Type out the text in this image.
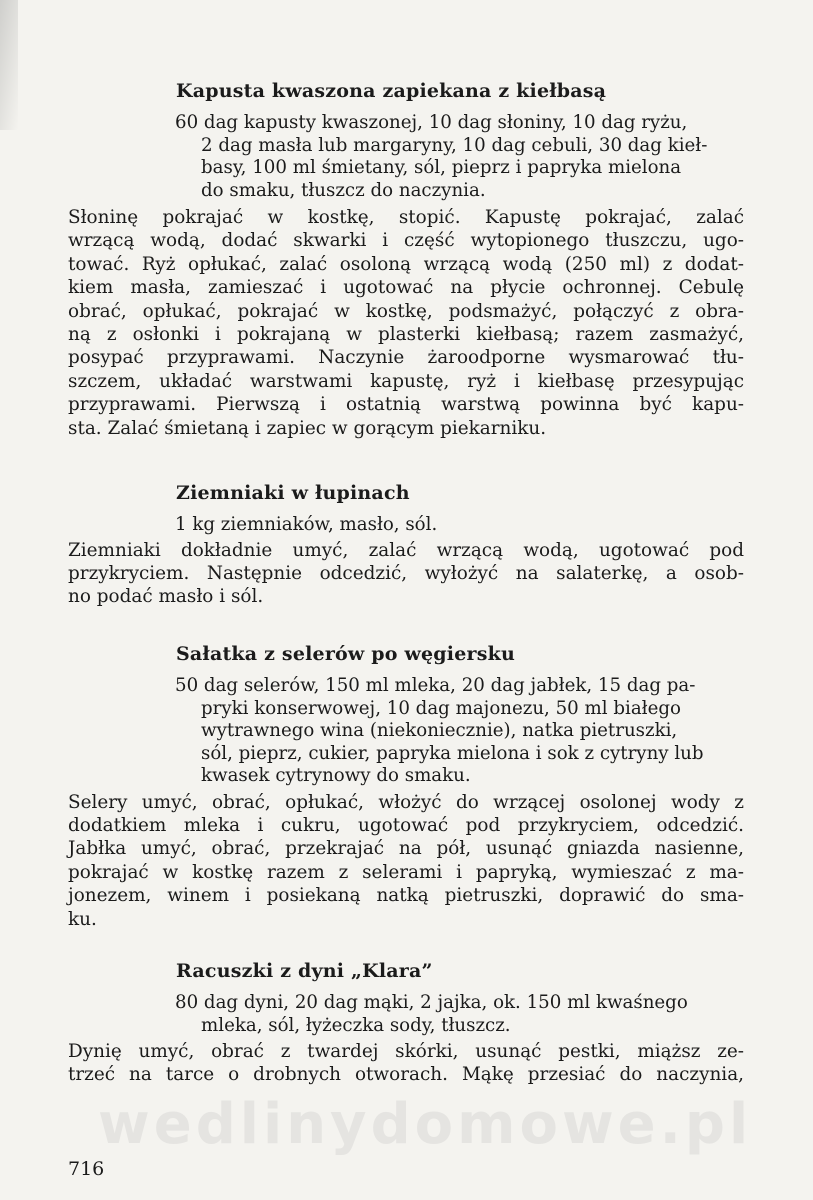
Kapusta kwaszona zapiekana z kiełbasą
60 dag kapusty kwaszonej, 10 dag słoniny, 10 dag ryżu,
2 dag masła lub margaryny, 10 dag cebuli, 30 dag kieł-
basy, 100 ml śmietany, sól, pieprz i papryka mielona
do smaku, tłuszcz do naczynia.
Słoninę pokrajać w kostkę, stopić. Kapustę pokrajać, zalać
wrzącą wodą, dodać skwarki i część wytopionego tłuszczu, ugo-
tować. Ryż opłukać, zalać osoloną wrzącą wodą (250 ml) z dodat-
kiem masła, zamieszać i ugotować na płycie ochronnej. Cebulę
obrać, opłukać, pokrajać w kostkę, podsmażyć, połączyć z obra-
ną z osłonki i pokrajaną w plasterki kiełbasą; razem zasmażyć,
posypać przyprawami. Naczynie żaroodporne wysmarować tłu-
szczem, układać warstwami kapustę, ryż i kiełbasę przesypując
przyprawami. Pierwszą i ostatnią warstwą powinna być kapu-
sta. Zalać śmietaną i zapiec w gorącym piekarniku.
Ziemniaki w łupinach
1 kg ziemniaków, masło, sól.
Ziemniaki dokładnie umyć, zalać wrzącą wodą, ugotować pod
przykryciem. Następnie odcedzić, wyłożyć na salaterkę, a osob-
no podać masło i sól.
Sałatka z selerów po węgiersku
50 dag selerów, 150 ml mleka, 20 dag jabłek, 15 dag pa-
pryki konserwowej, 10 dag majonezu, 50 ml białego
wytrawnego wina (niekoniecznie), natka pietruszki,
sól, pieprz, cukier, papryka mielona i sok z cytryny lub
kwasek cytrynowy do smaku.
Selery umyć, obrać, opłukać, włożyć do wrzącej osolonej wody z
dodatkiem mleka i cukru, ugotować pod przykryciem, odcedzić.
Jabłka umyć, obrać, przekrajać na pół, usunąć gniazda nasienne,
pokrajać w kostkę razem z selerami i papryką, wymieszać z ma-
jonezem, winem i posiekaną natką pietruszki, doprawić do sma-
ku.
Racuszki z dyni „Klara”
80 dag dyni, 20 dag mąki, 2 jajka, ok. 150 ml kwaśnego
mleka, sól, łyżeczka sody, tłuszcz.
Dynię umyć, obrać z twardej skórki, usunąć pestki, miąższ ze-
trzeć na tarce o drobnych otworach. Mąkę przesiać do naczynia,
wedlinydomowe.pl
716
